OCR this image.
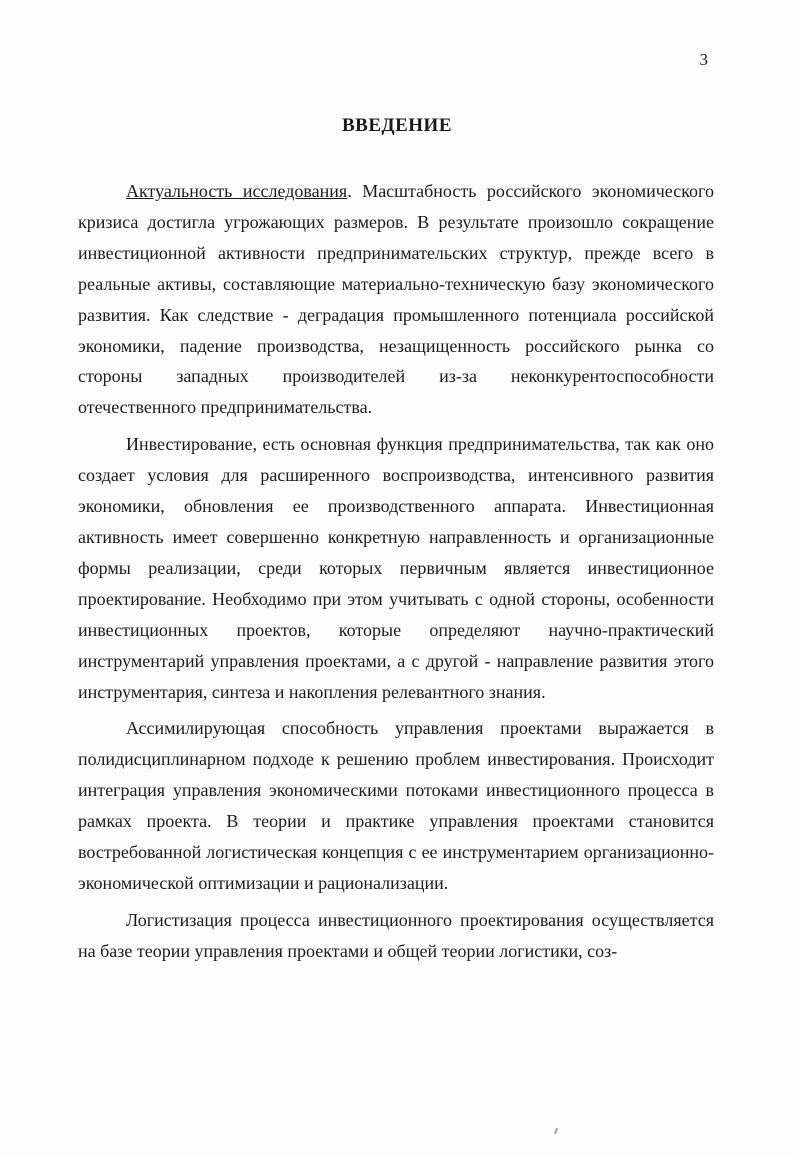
3
ВВЕДЕНИЕ

Актуальность исследования. Масштабность российского экономического кризиса достигла угрожающих размеров. В результате произошло сокращение инвестиционной активности предпринимательских структур, прежде всего в реальные активы, составляющие материально-техническую базу экономического развития. Как следствие - деградация промышленного потенциала российской экономики, падение производства, незащищенность российского рынка со стороны западных производителей из-за неконкурентоспособности отечественного предпринимательства.

Инвестирование, есть основная функция предпринимательства, так как оно создает условия для расширенного воспроизводства, интенсивного развития экономики, обновления ее производственного аппарата. Инвестиционная активность имеет совершенно конкретную направленность и организационные формы реализации, среди которых первичным является инвестиционное проектирование. Необходимо при этом учитывать с одной стороны, особенности инвестиционных проектов, которые определяют научно-практический инструментарий управления проектами, а с другой - направление развития этого инструментария, синтеза и накопления релевантного знания.

Ассимилирующая способность управления проектами выражается в полидисциплинарном подходе к решению проблем инвестирования. Происходит интеграция управления экономическими потоками инвестиционного процесса в рамках проекта. В теории и практике управления проектами становится востребованной логистическая концепция с ее инструментарием организационно-экономической оптимизации и рационализации.

Логистизация процесса инвестиционного проектирования осуществляется на базе теории управления проектами и общей теории логистики, соз-
